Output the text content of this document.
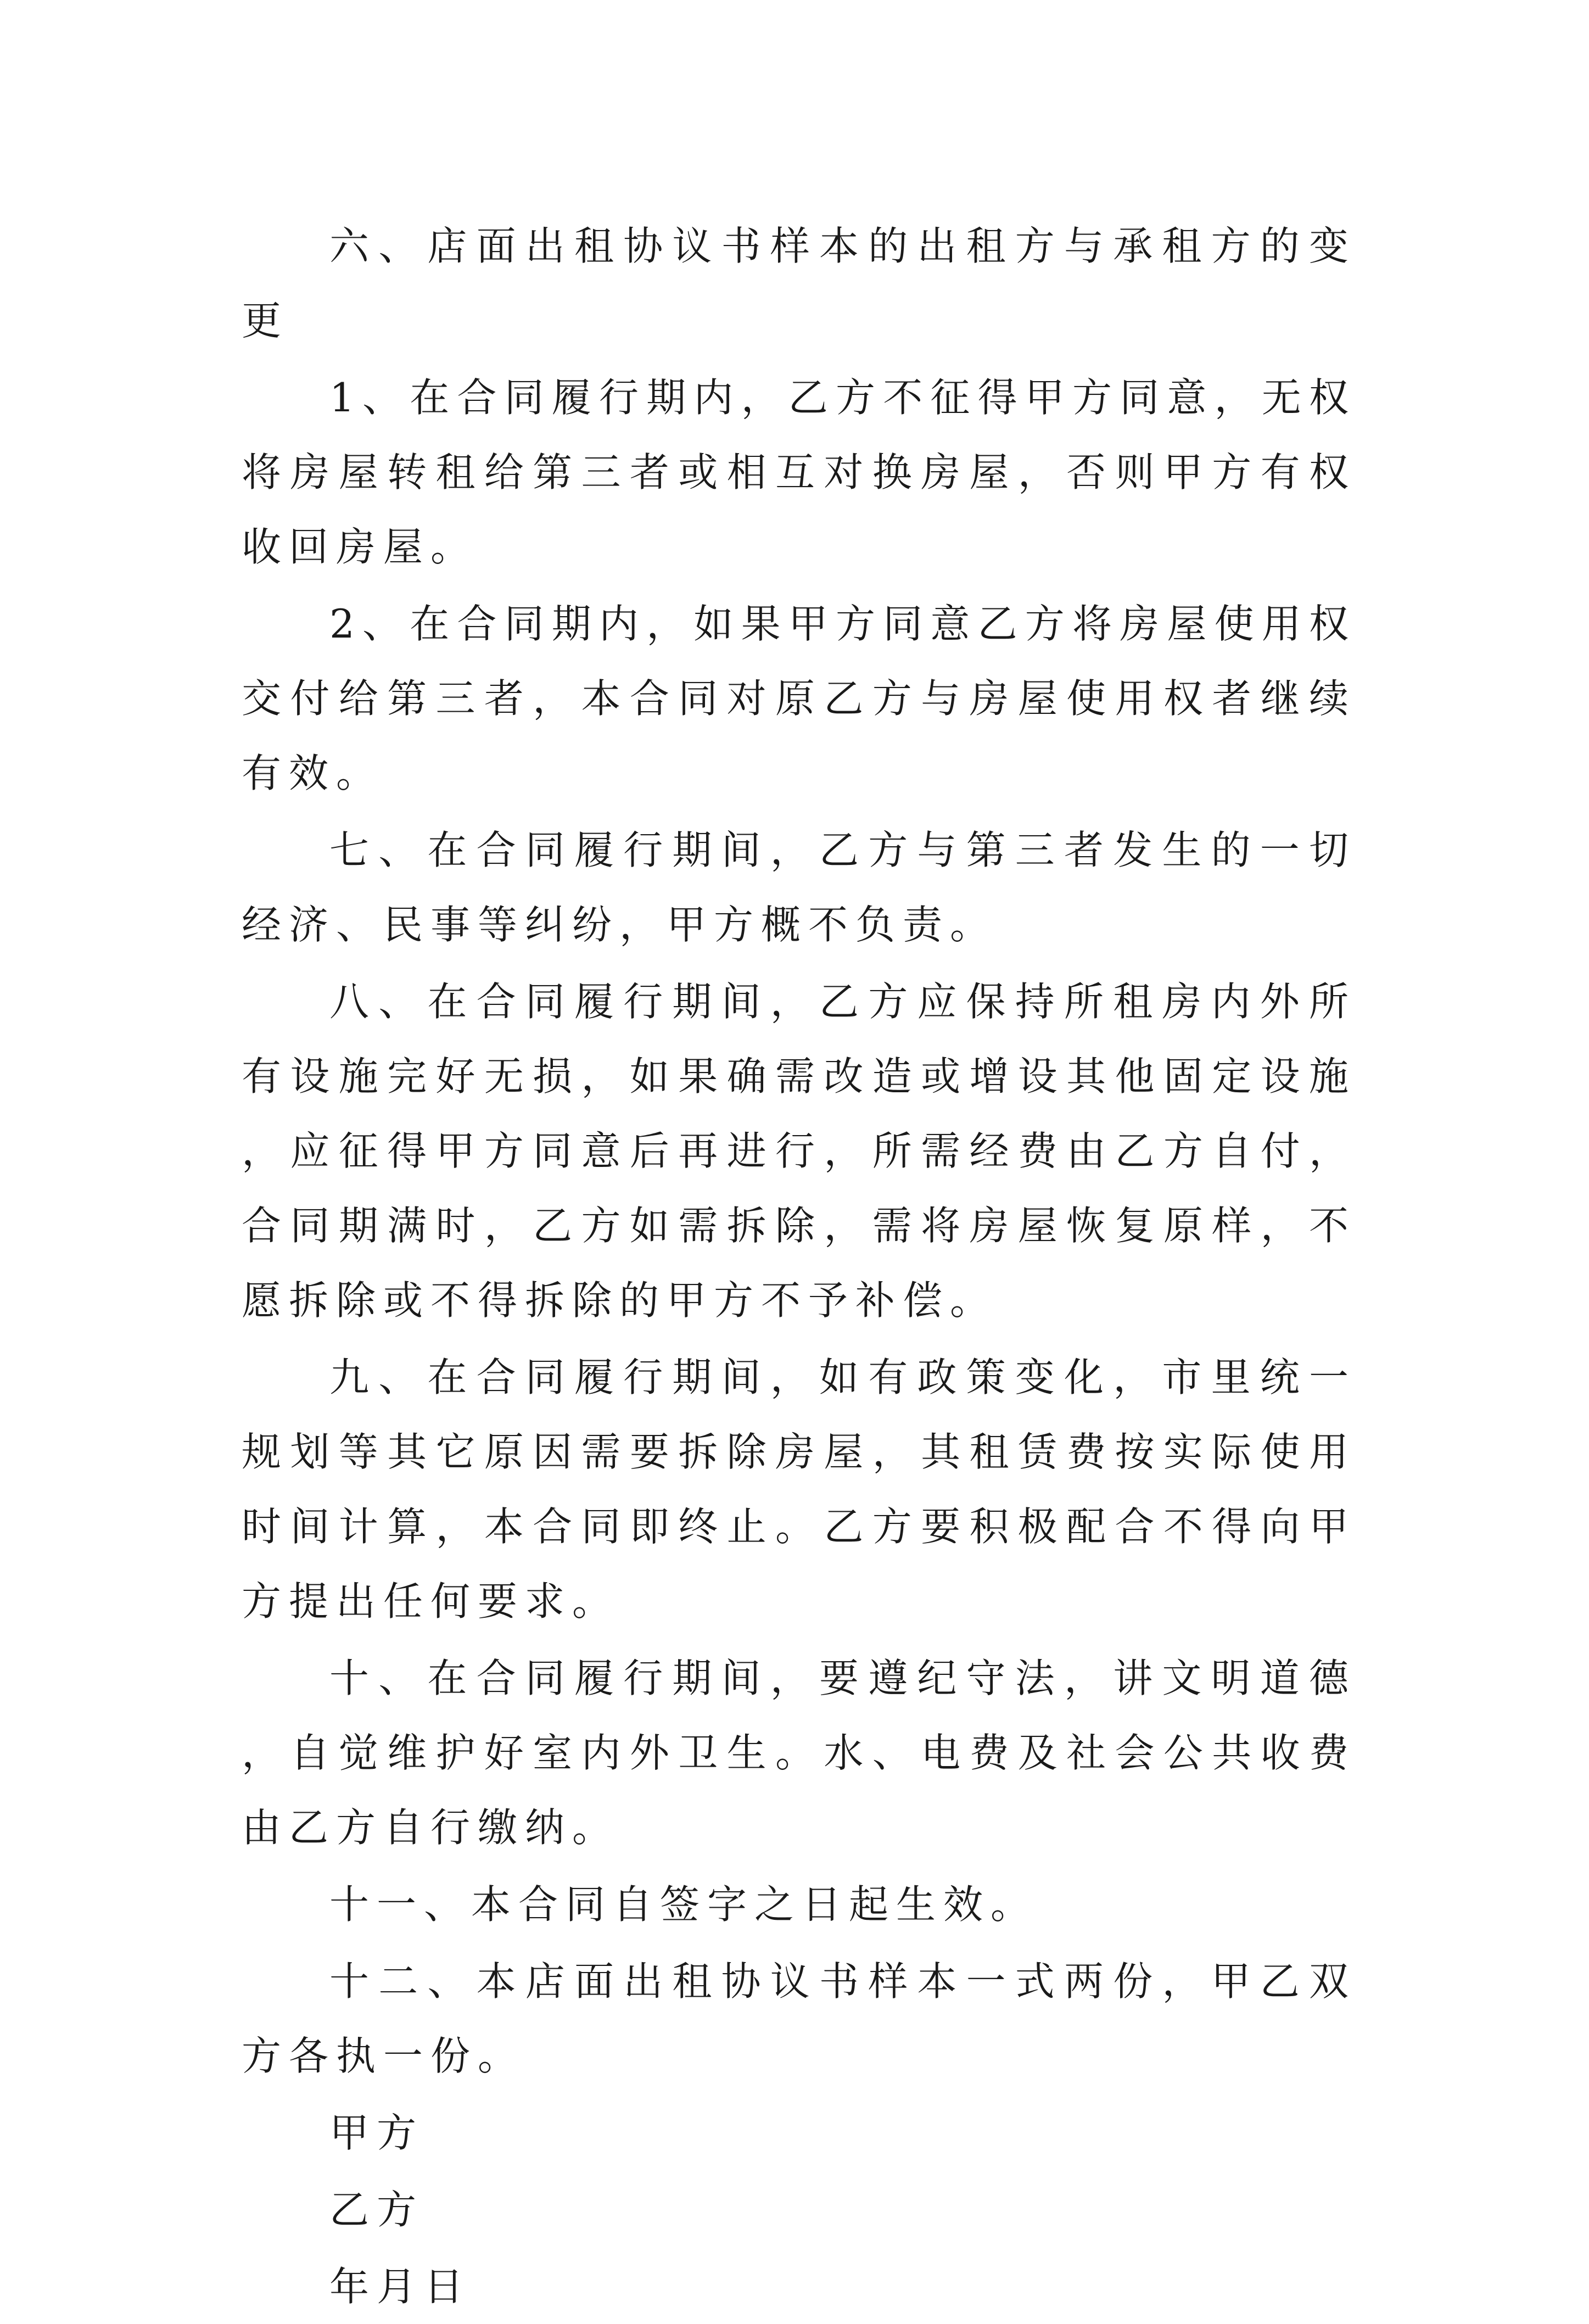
六、店面出租协议书样本的出租方与承租方的变更

1、在合同履行期内，乙方不征得甲方同意，无权将房屋转租给第三者或相互对换房屋，否则甲方有权收回房屋。

2、在合同期内，如果甲方同意乙方将房屋使用权交付给第三者，本合同对原乙方与房屋使用权者继续有效。

七、在合同履行期间，乙方与第三者发生的一切经济、民事等纠纷，甲方概不负责。

八、在合同履行期间，乙方应保持所租房内外所有设施完好无损，如果确需改造或增设其他固定设施，应征得甲方同意后再进行，所需经费由乙方自付，合同期满时，乙方如需拆除，需将房屋恢复原样，不愿拆除或不得拆除的甲方不予补偿。

九、在合同履行期间，如有政策变化，市里统一规划等其它原因需要拆除房屋，其租赁费按实际使用时间计算，本合同即终止。乙方要积极配合不得向甲方提出任何要求。

十、在合同履行期间，要遵纪守法，讲文明道德，自觉维护好室内外卫生。水、电费及社会公共收费由乙方自行缴纳。

十一、本合同自签字之日起生效。

十二、本店面出租协议书样本一式两份，甲乙双方各执一份。

甲方

乙方

年月日
